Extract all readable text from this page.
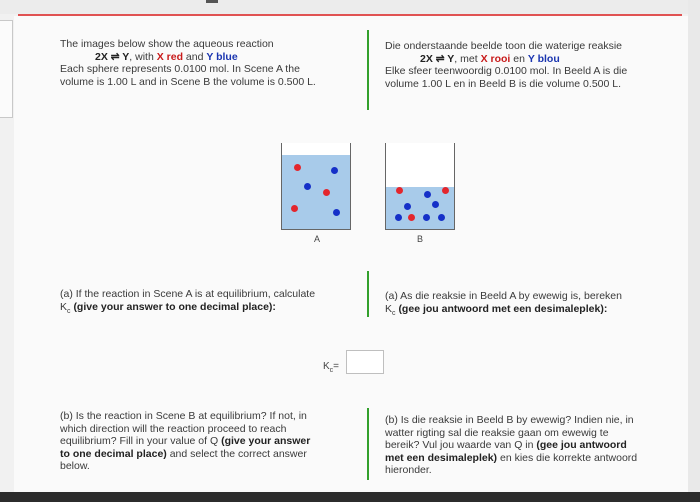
The images below show the aqueous reaction
2X ⇌ Y, with X red and Y blue
Each sphere represents 0.0100 mol. In Scene A the
volume is 1.00 L and in Scene B the volume is 0.500 L.
Die onderstaande beelde toon die waterige reaksie
2X ⇌ Y, met X rooi en Y blou
Elke sfeer teenwoordig 0.0100 mol. In Beeld A is die
volume 1.00 L en in Beeld B is die volume 0.500 L.
A	B
(a) If the reaction in Scene A is at equilibrium, calculate
$K_c$ (give your answer to one decimal place):
(a) As die reaksie in Beeld A by ewewig is, bereken
$K_c$ (gee jou antwoord met een desimaleplek):
$K_c=$
(b) Is the reaction in Scene B at equilibrium? If not, in
which direction will the reaction proceed to reach
equilibrium? Fill in your value of Q (give your answer
to one decimal place) and select the correct answer
below.
(b) Is die reaksie in Beeld B by ewewig? Indien nie, in
watter rigting sal die reaksie gaan om ewewig te
bereik? Vul jou waarde van Q in (gee jou antwoord
met een desimaleplek) en kies die korrekte antwoord
hieronder.
